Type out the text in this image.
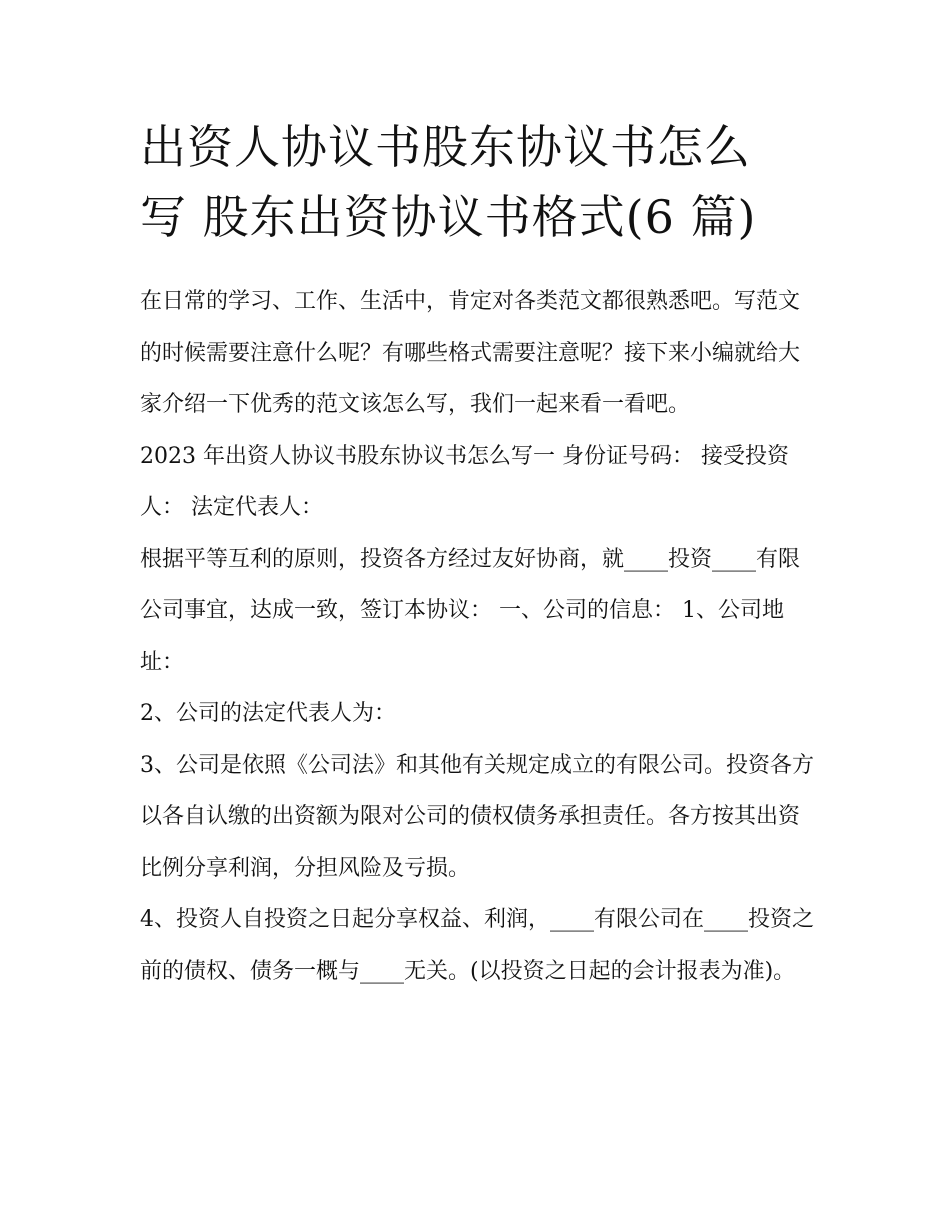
出资人协议书股东协议书怎么
写 股东出资协议书格式(6 篇)

在日常的学习、工作、生活中，肯定对各类范文都很熟悉吧。写范文的时候需要注意什么呢？有哪些格式需要注意呢？接下来小编就给大家介绍一下优秀的范文该怎么写，我们一起来看一看吧。

2023 年出资人协议书股东协议书怎么写一 身份证号码： 接受投资人： 法定代表人：

根据平等互利的原则，投资各方经过友好协商，就____投资____有限公司事宜，达成一致，签订本协议： 一、公司的信息： 1、公司地址：

2、公司的法定代表人为：

3、公司是依照《公司法》和其他有关规定成立的有限公司。投资各方以各自认缴的出资额为限对公司的债权债务承担责任。各方按其出资比例分享利润，分担风险及亏损。

4、投资人自投资之日起分享权益、利润，____有限公司在____投资之前的债权、债务一概与____无关。(以投资之日起的会计报表为准)。
